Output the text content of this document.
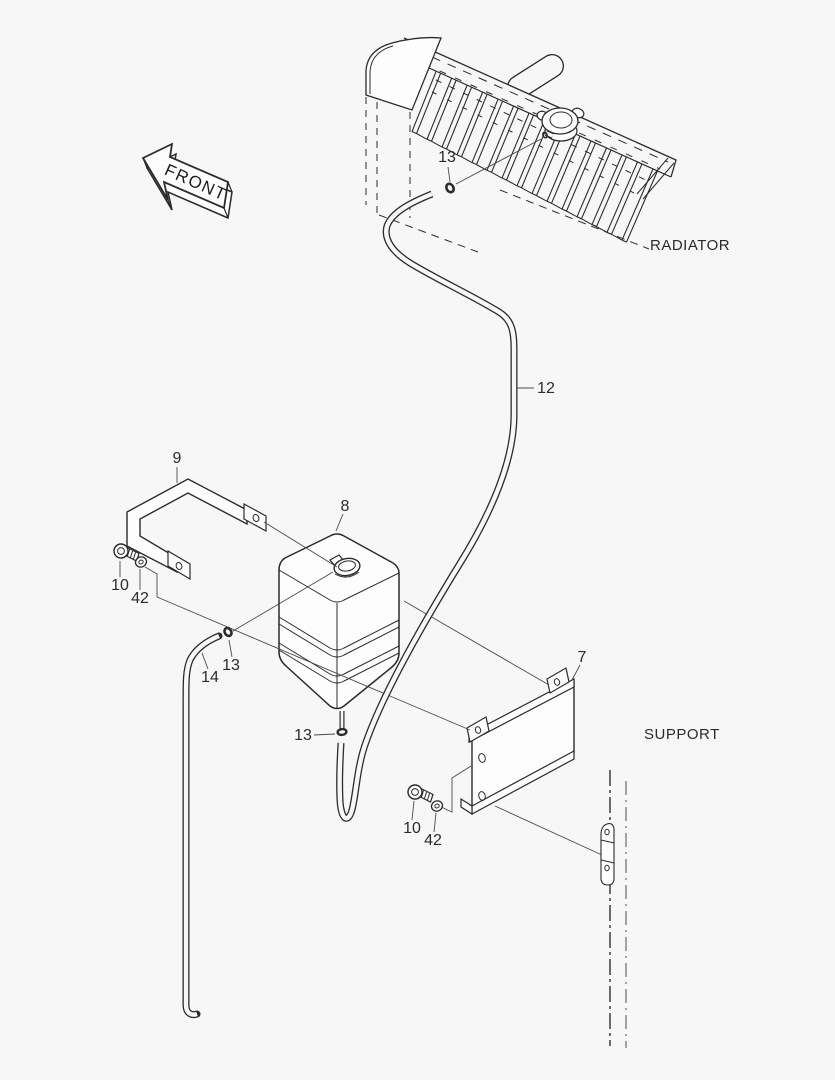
FRONT
13
12
9
8
10
42
13
14
13
7
10
42
RADIATOR
SUPPORT
